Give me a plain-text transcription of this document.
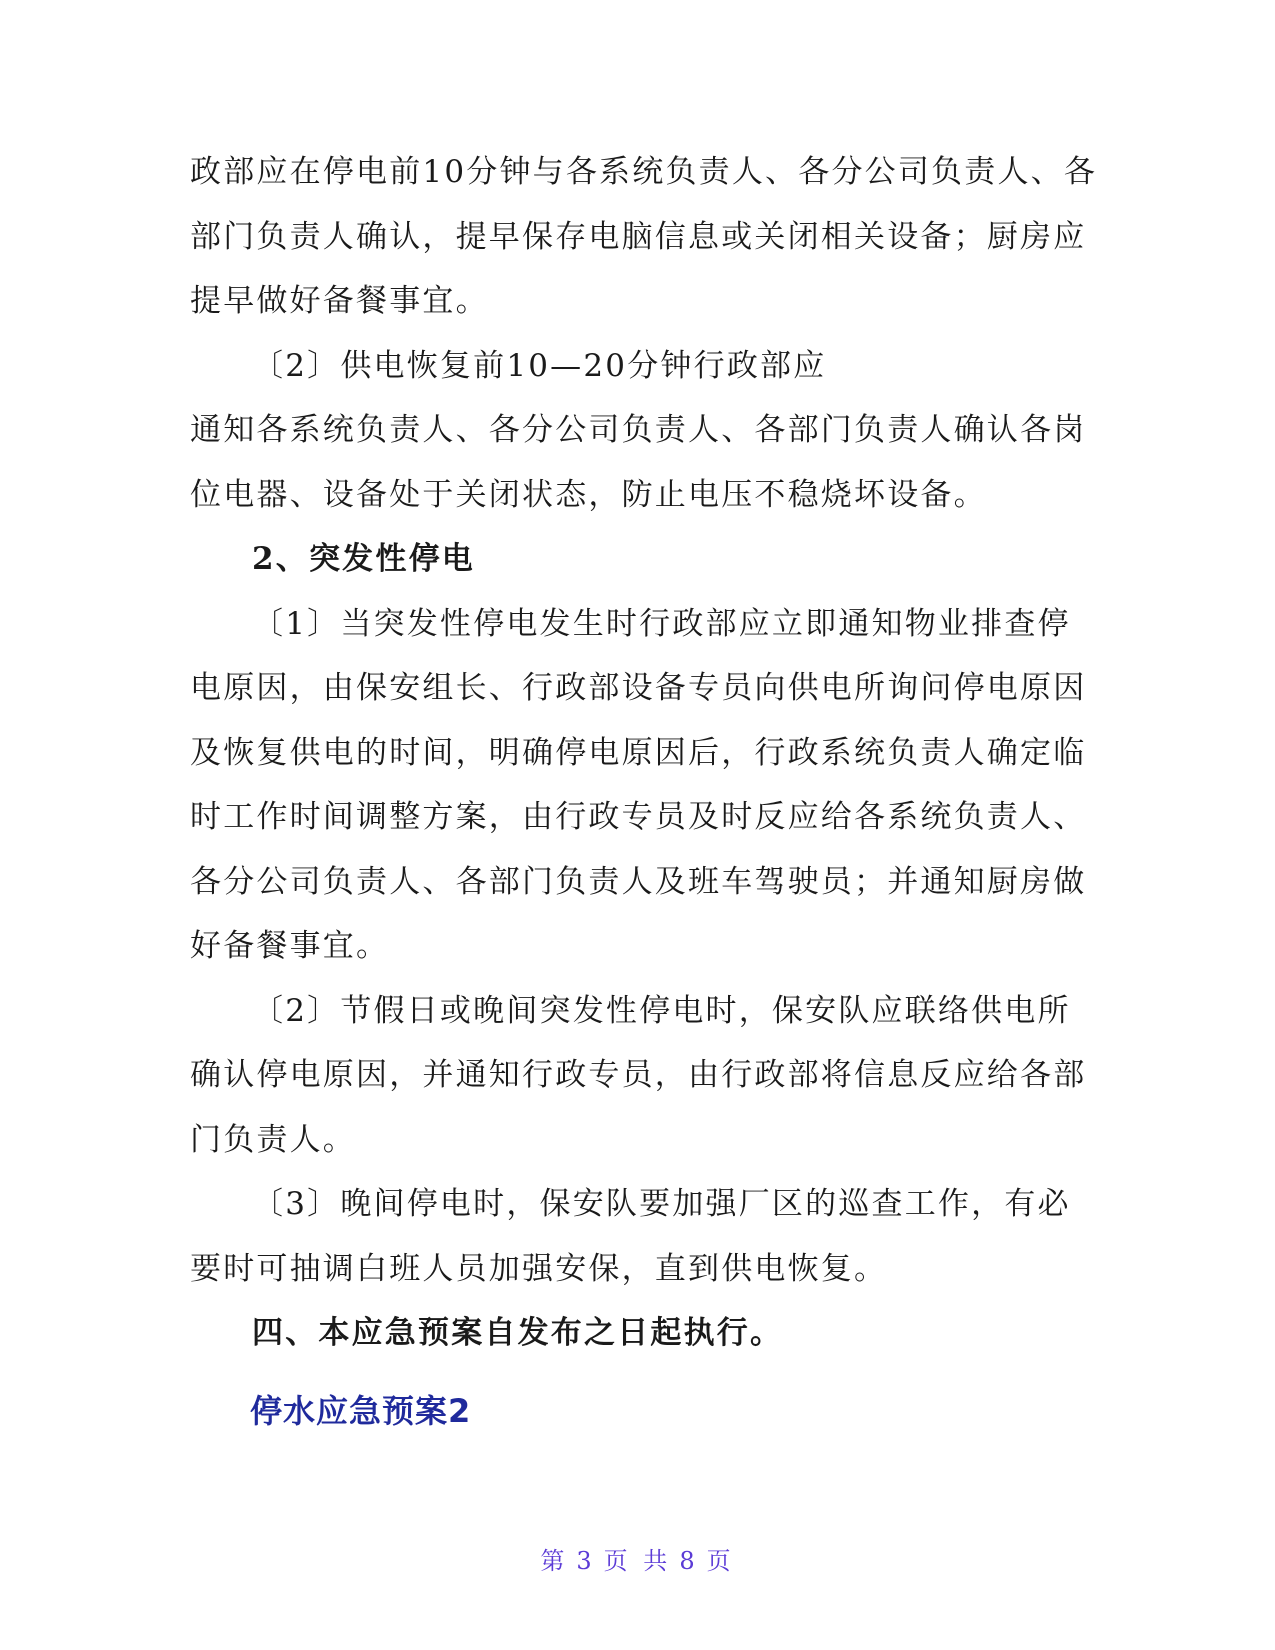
政部应在停电前10分钟与各系统负责人、各分公司负责人、各
部门负责人确认，提早保存电脑信息或关闭相关设备；厨房应
提早做好备餐事宜。
〔2〕供电恢复前10—20分钟行政部应
通知各系统负责人、各分公司负责人、各部门负责人确认各岗
位电器、设备处于关闭状态，防止电压不稳烧坏设备。
2、突发性停电
〔1〕当突发性停电发生时行政部应立即通知物业排查停
电原因，由保安组长、行政部设备专员向供电所询问停电原因
及恢复供电的时间，明确停电原因后，行政系统负责人确定临
时工作时间调整方案，由行政专员及时反应给各系统负责人、
各分公司负责人、各部门负责人及班车驾驶员；并通知厨房做
好备餐事宜。
〔2〕节假日或晚间突发性停电时，保安队应联络供电所
确认停电原因，并通知行政专员，由行政部将信息反应给各部
门负责人。
〔3〕晚间停电时，保安队要加强厂区的巡查工作，有必
要时可抽调白班人员加强安保，直到供电恢复。
四、本应急预案自发布之日起执行。
停水应急预案2
第 3 页 共 8 页
